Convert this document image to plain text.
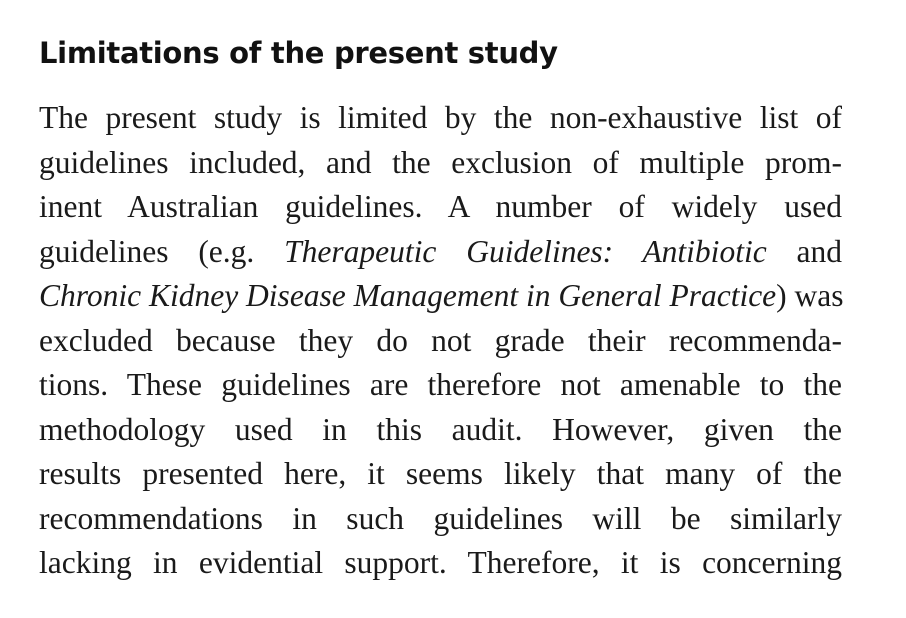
Limitations of the present study
The present study is limited by the non-exhaustive list of
guidelines included, and the exclusion of multiple prom-
inent Australian guidelines. A number of widely used
guidelines (e.g. Therapeutic Guidelines: Antibiotic and
Chronic Kidney Disease Management in General Practice) was
excluded because they do not grade their recommenda-
tions. These guidelines are therefore not amenable to the
methodology used in this audit. However, given the
results presented here, it seems likely that many of the
recommendations in such guidelines will be similarly
lacking in evidential support. Therefore, it is concerning
